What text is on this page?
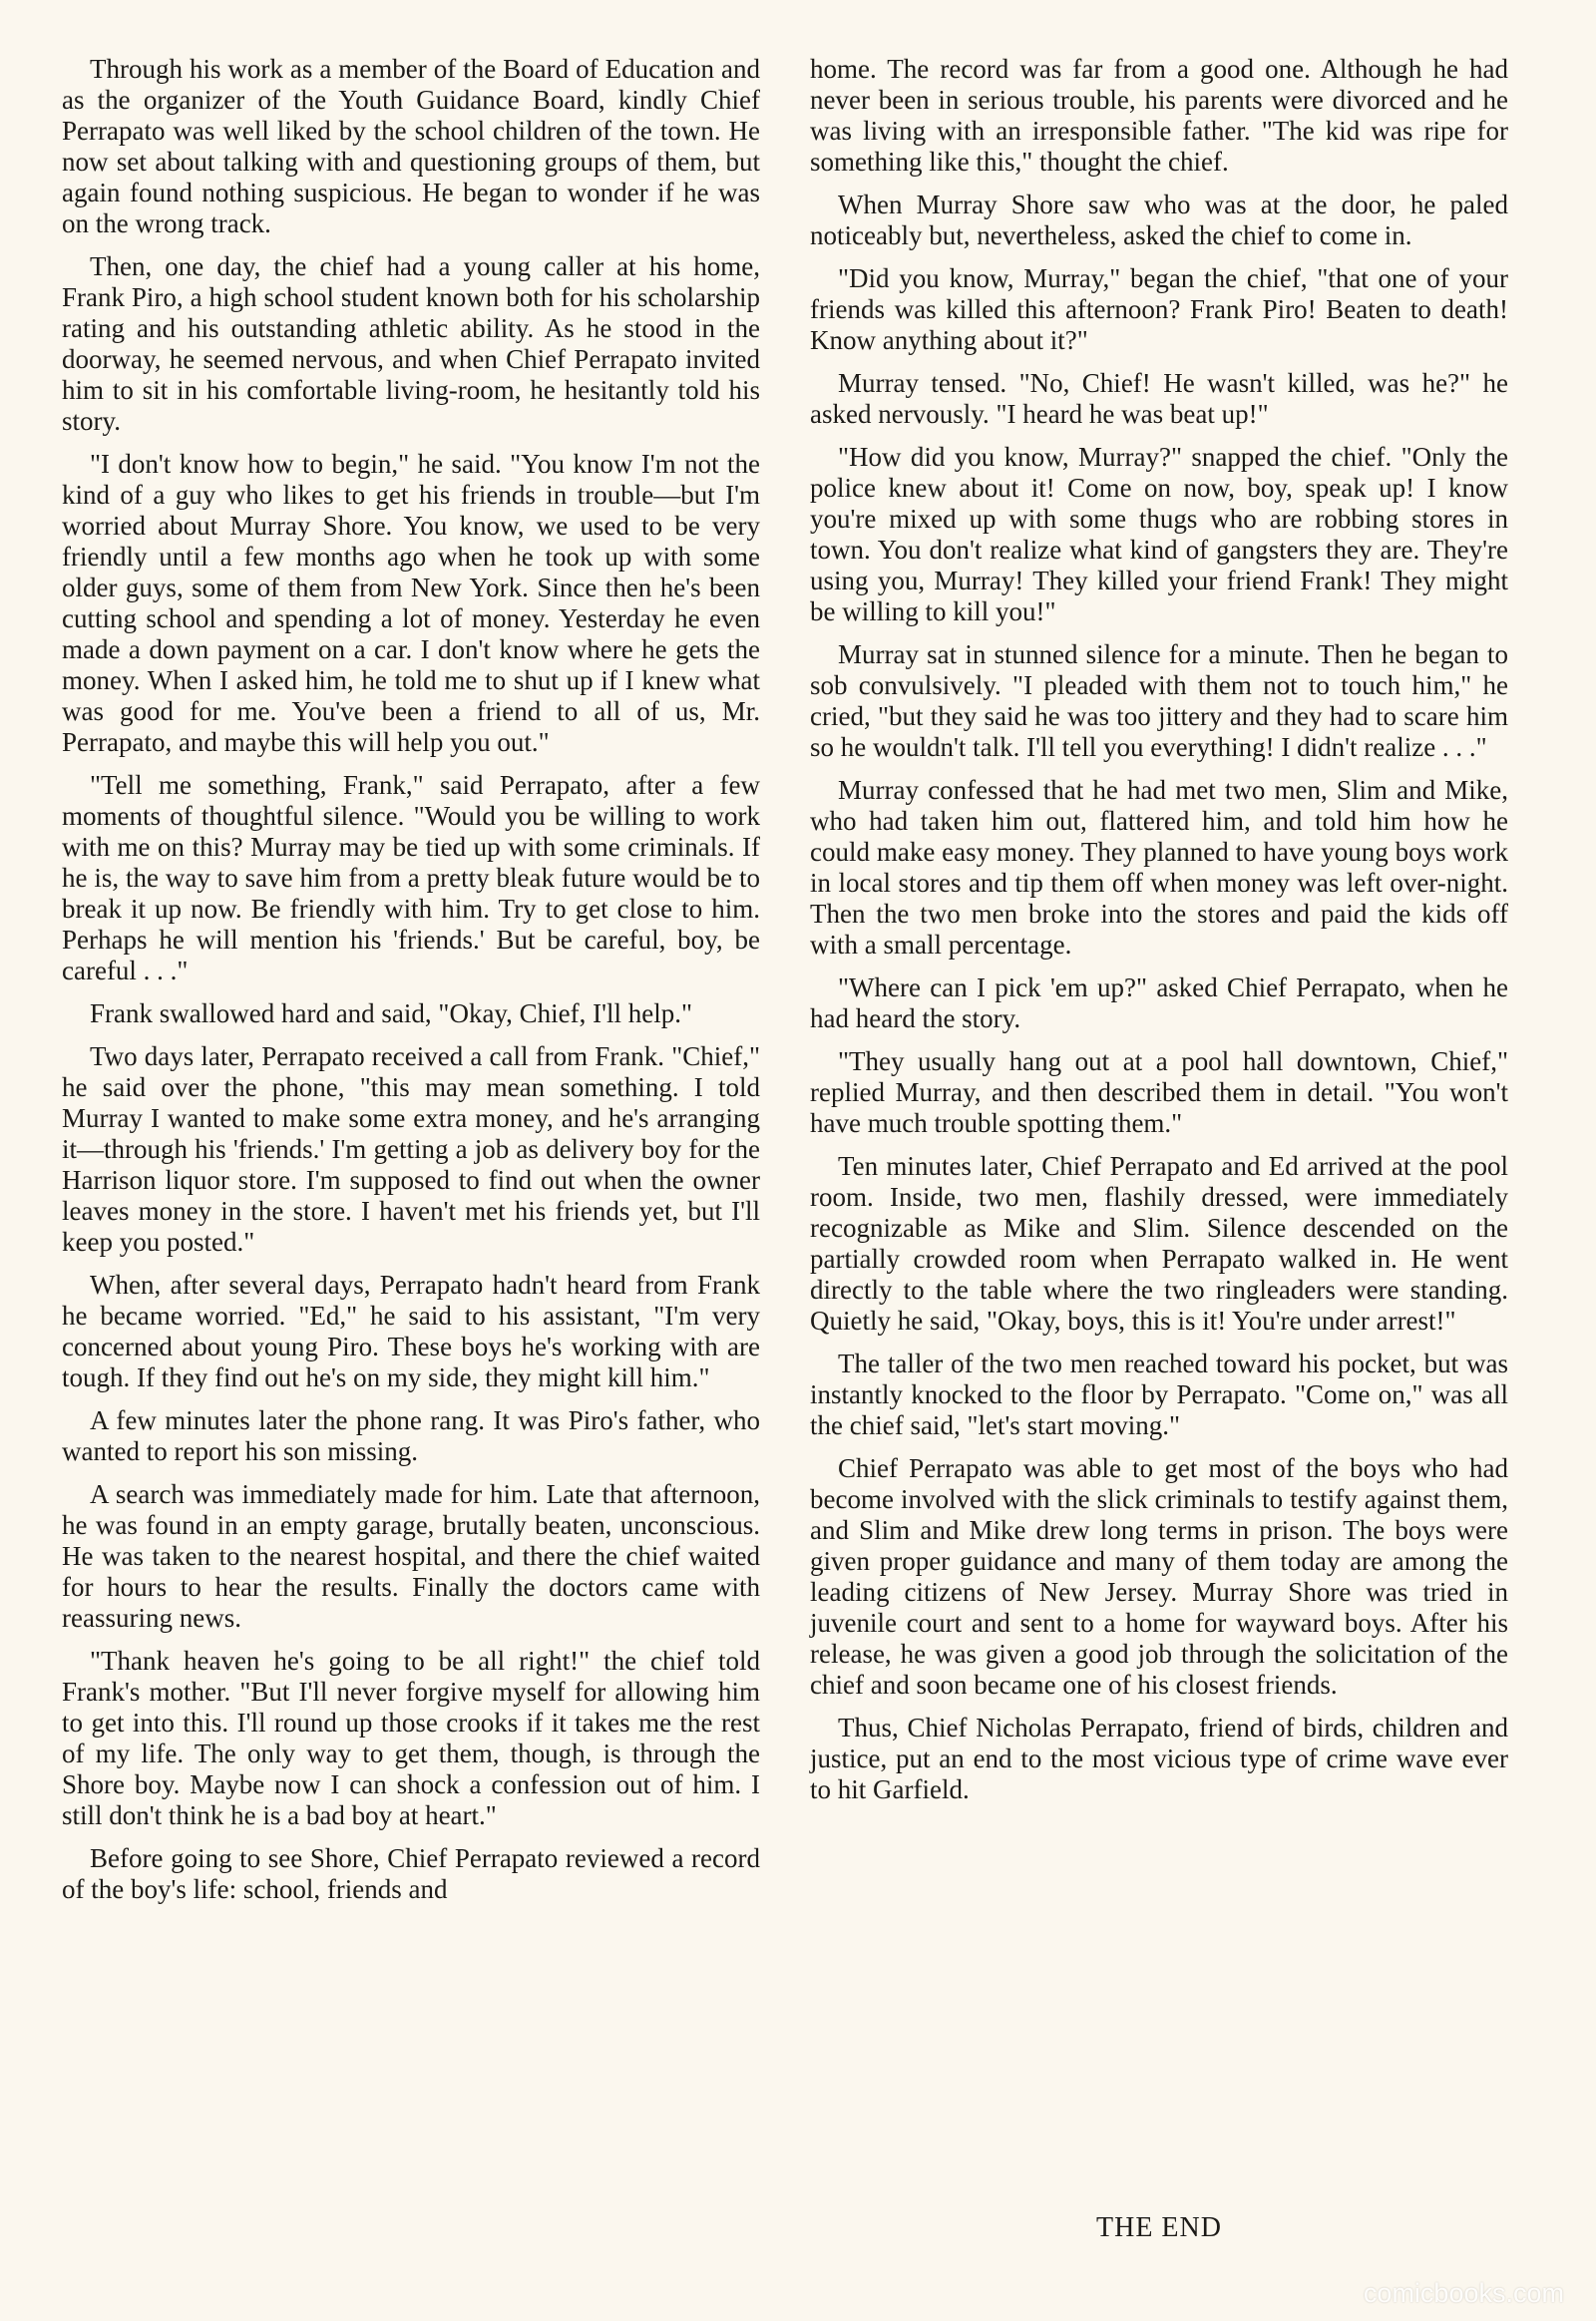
Through his work as a member of the Board of Education and as the organizer of the Youth Guidance Board, kindly Chief Perrapato was well liked by the school children of the town. He now set about talking with and questioning groups of them, but again found nothing suspicious. He began to wonder if he was on the wrong track.

Then, one day, the chief had a young caller at his home, Frank Piro, a high school student known both for his scholarship rating and his outstanding athletic ability. As he stood in the doorway, he seemed nervous, and when Chief Perrapato invited him to sit in his comfortable living-room, he hesitantly told his story.

"I don't know how to begin," he said. "You know I'm not the kind of a guy who likes to get his friends in trouble—but I'm worried about Murray Shore. You know, we used to be very friendly until a few months ago when he took up with some older guys, some of them from New York. Since then he's been cutting school and spending a lot of money. Yesterday he even made a down payment on a car. I don't know where he gets the money. When I asked him, he told me to shut up if I knew what was good for me. You've been a friend to all of us, Mr. Perrapato, and maybe this will help you out."

"Tell me something, Frank," said Perrapato, after a few moments of thoughtful silence. "Would you be willing to work with me on this? Murray may be tied up with some criminals. If he is, the way to save him from a pretty bleak future would be to break it up now. Be friendly with him. Try to get close to him. Perhaps he will mention his 'friends.' But be careful, boy, be careful . . ."

Frank swallowed hard and said, "Okay, Chief, I'll help."

Two days later, Perrapato received a call from Frank. "Chief," he said over the phone, "this may mean something. I told Murray I wanted to make some extra money, and he's arranging it—through his 'friends.' I'm getting a job as delivery boy for the Harrison liquor store. I'm supposed to find out when the owner leaves money in the store. I haven't met his friends yet, but I'll keep you posted."

When, after several days, Perrapato hadn't heard from Frank he became worried. "Ed," he said to his assistant, "I'm very concerned about young Piro. These boys he's working with are tough. If they find out he's on my side, they might kill him."

A few minutes later the phone rang. It was Piro's father, who wanted to report his son missing.

A search was immediately made for him. Late that afternoon, he was found in an empty garage, brutally beaten, unconscious. He was taken to the nearest hospital, and there the chief waited for hours to hear the results. Finally the doctors came with reassuring news.

"Thank heaven he's going to be all right!" the chief told Frank's mother. "But I'll never forgive myself for allowing him to get into this. I'll round up those crooks if it takes me the rest of my life. The only way to get them, though, is through the Shore boy. Maybe now I can shock a confession out of him. I still don't think he is a bad boy at heart."

Before going to see Shore, Chief Perrapato reviewed a record of the boy's life: school, friends and

home. The record was far from a good one. Although he had never been in serious trouble, his parents were divorced and he was living with an irresponsible father. "The kid was ripe for something like this," thought the chief.

When Murray Shore saw who was at the door, he paled noticeably but, nevertheless, asked the chief to come in.

"Did you know, Murray," began the chief, "that one of your friends was killed this afternoon? Frank Piro! Beaten to death! Know anything about it?"

Murray tensed. "No, Chief! He wasn't killed, was he?" he asked nervously. "I heard he was beat up!"

"How did you know, Murray?" snapped the chief. "Only the police knew about it! Come on now, boy, speak up! I know you're mixed up with some thugs who are robbing stores in town. You don't realize what kind of gangsters they are. They're using you, Murray! They killed your friend Frank! They might be willing to kill you!"

Murray sat in stunned silence for a minute. Then he began to sob convulsively. "I pleaded with them not to touch him," he cried, "but they said he was too jittery and they had to scare him so he wouldn't talk. I'll tell you everything! I didn't realize . . ."

Murray confessed that he had met two men, Slim and Mike, who had taken him out, flattered him, and told him how he could make easy money. They planned to have young boys work in local stores and tip them off when money was left over-night. Then the two men broke into the stores and paid the kids off with a small percentage.

"Where can I pick 'em up?" asked Chief Perrapato, when he had heard the story.

"They usually hang out at a pool hall downtown, Chief," replied Murray, and then described them in detail. "You won't have much trouble spotting them."

Ten minutes later, Chief Perrapato and Ed arrived at the pool room. Inside, two men, flashily dressed, were immediately recognizable as Mike and Slim. Silence descended on the partially crowded room when Perrapato walked in. He went directly to the table where the two ringleaders were standing. Quietly he said, "Okay, boys, this is it! You're under arrest!"

The taller of the two men reached toward his pocket, but was instantly knocked to the floor by Perrapato. "Come on," was all the chief said, "let's start moving."

Chief Perrapato was able to get most of the boys who had become involved with the slick criminals to testify against them, and Slim and Mike drew long terms in prison. The boys were given proper guidance and many of them today are among the leading citizens of New Jersey. Murray Shore was tried in juvenile court and sent to a home for wayward boys. After his release, he was given a good job through the solicitation of the chief and soon became one of his closest friends.

Thus, Chief Nicholas Perrapato, friend of birds, children and justice, put an end to the most vicious type of crime wave ever to hit Garfield.

THE END
comicbooks.com
